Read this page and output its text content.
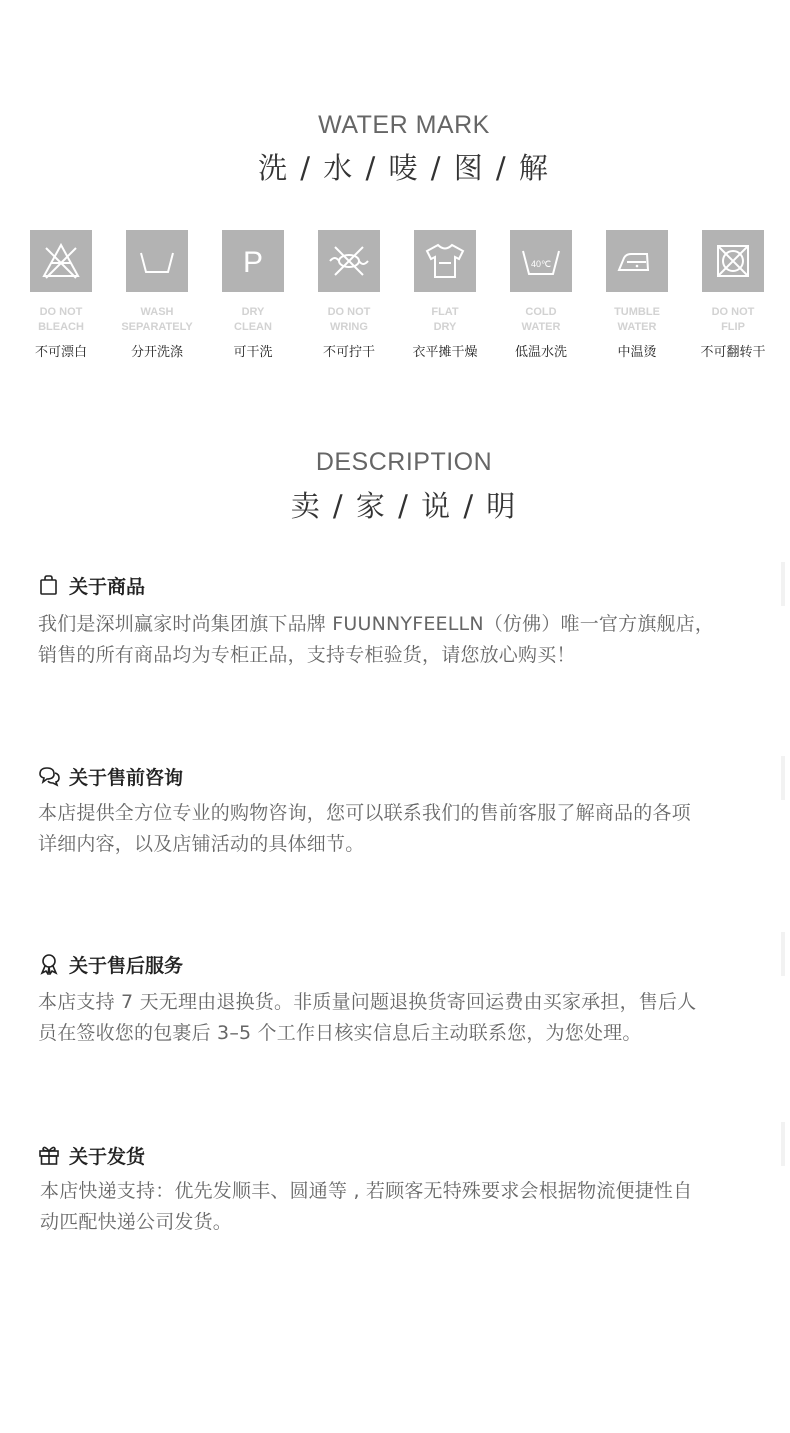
WATER MARK
洗 / 水 / 唛 / 图 / 解
DO NOT
BLEACH
不可漂白
WASH
SEPARATELY
分开洗涤
P
DRY
CLEAN
可干洗
DO NOT
WRING
不可拧干
FLAT
DRY
衣平摊干燥
40℃
COLD
WATER
低温水洗
TUMBLE
WATER
中温烫
DO NOT
FLIP
不可翻转干
DESCRIPTION
卖 / 家 / 说 / 明
关于商品
我们是深圳赢家时尚集团旗下品牌 FUUNNYFEELLN（仿佛）唯一官方旗舰店，
销售的所有商品均为专柜正品，支持专柜验货，请您放心购买！
关于售前咨询
本店提供全方位专业的购物咨询，您可以联系我们的售前客服了解商品的各项
详细内容，以及店铺活动的具体细节。
关于售后服务
本店支持 7 天无理由退换货。非质量问题退换货寄回运费由买家承担，售后人
员在签收您的包裹后 3–5 个工作日核实信息后主动联系您，为您处理。
关于发货
本店快递支持：优先发顺丰、圆通等 , 若顾客无特殊要求会根据物流便捷性自
动匹配快递公司发货。
